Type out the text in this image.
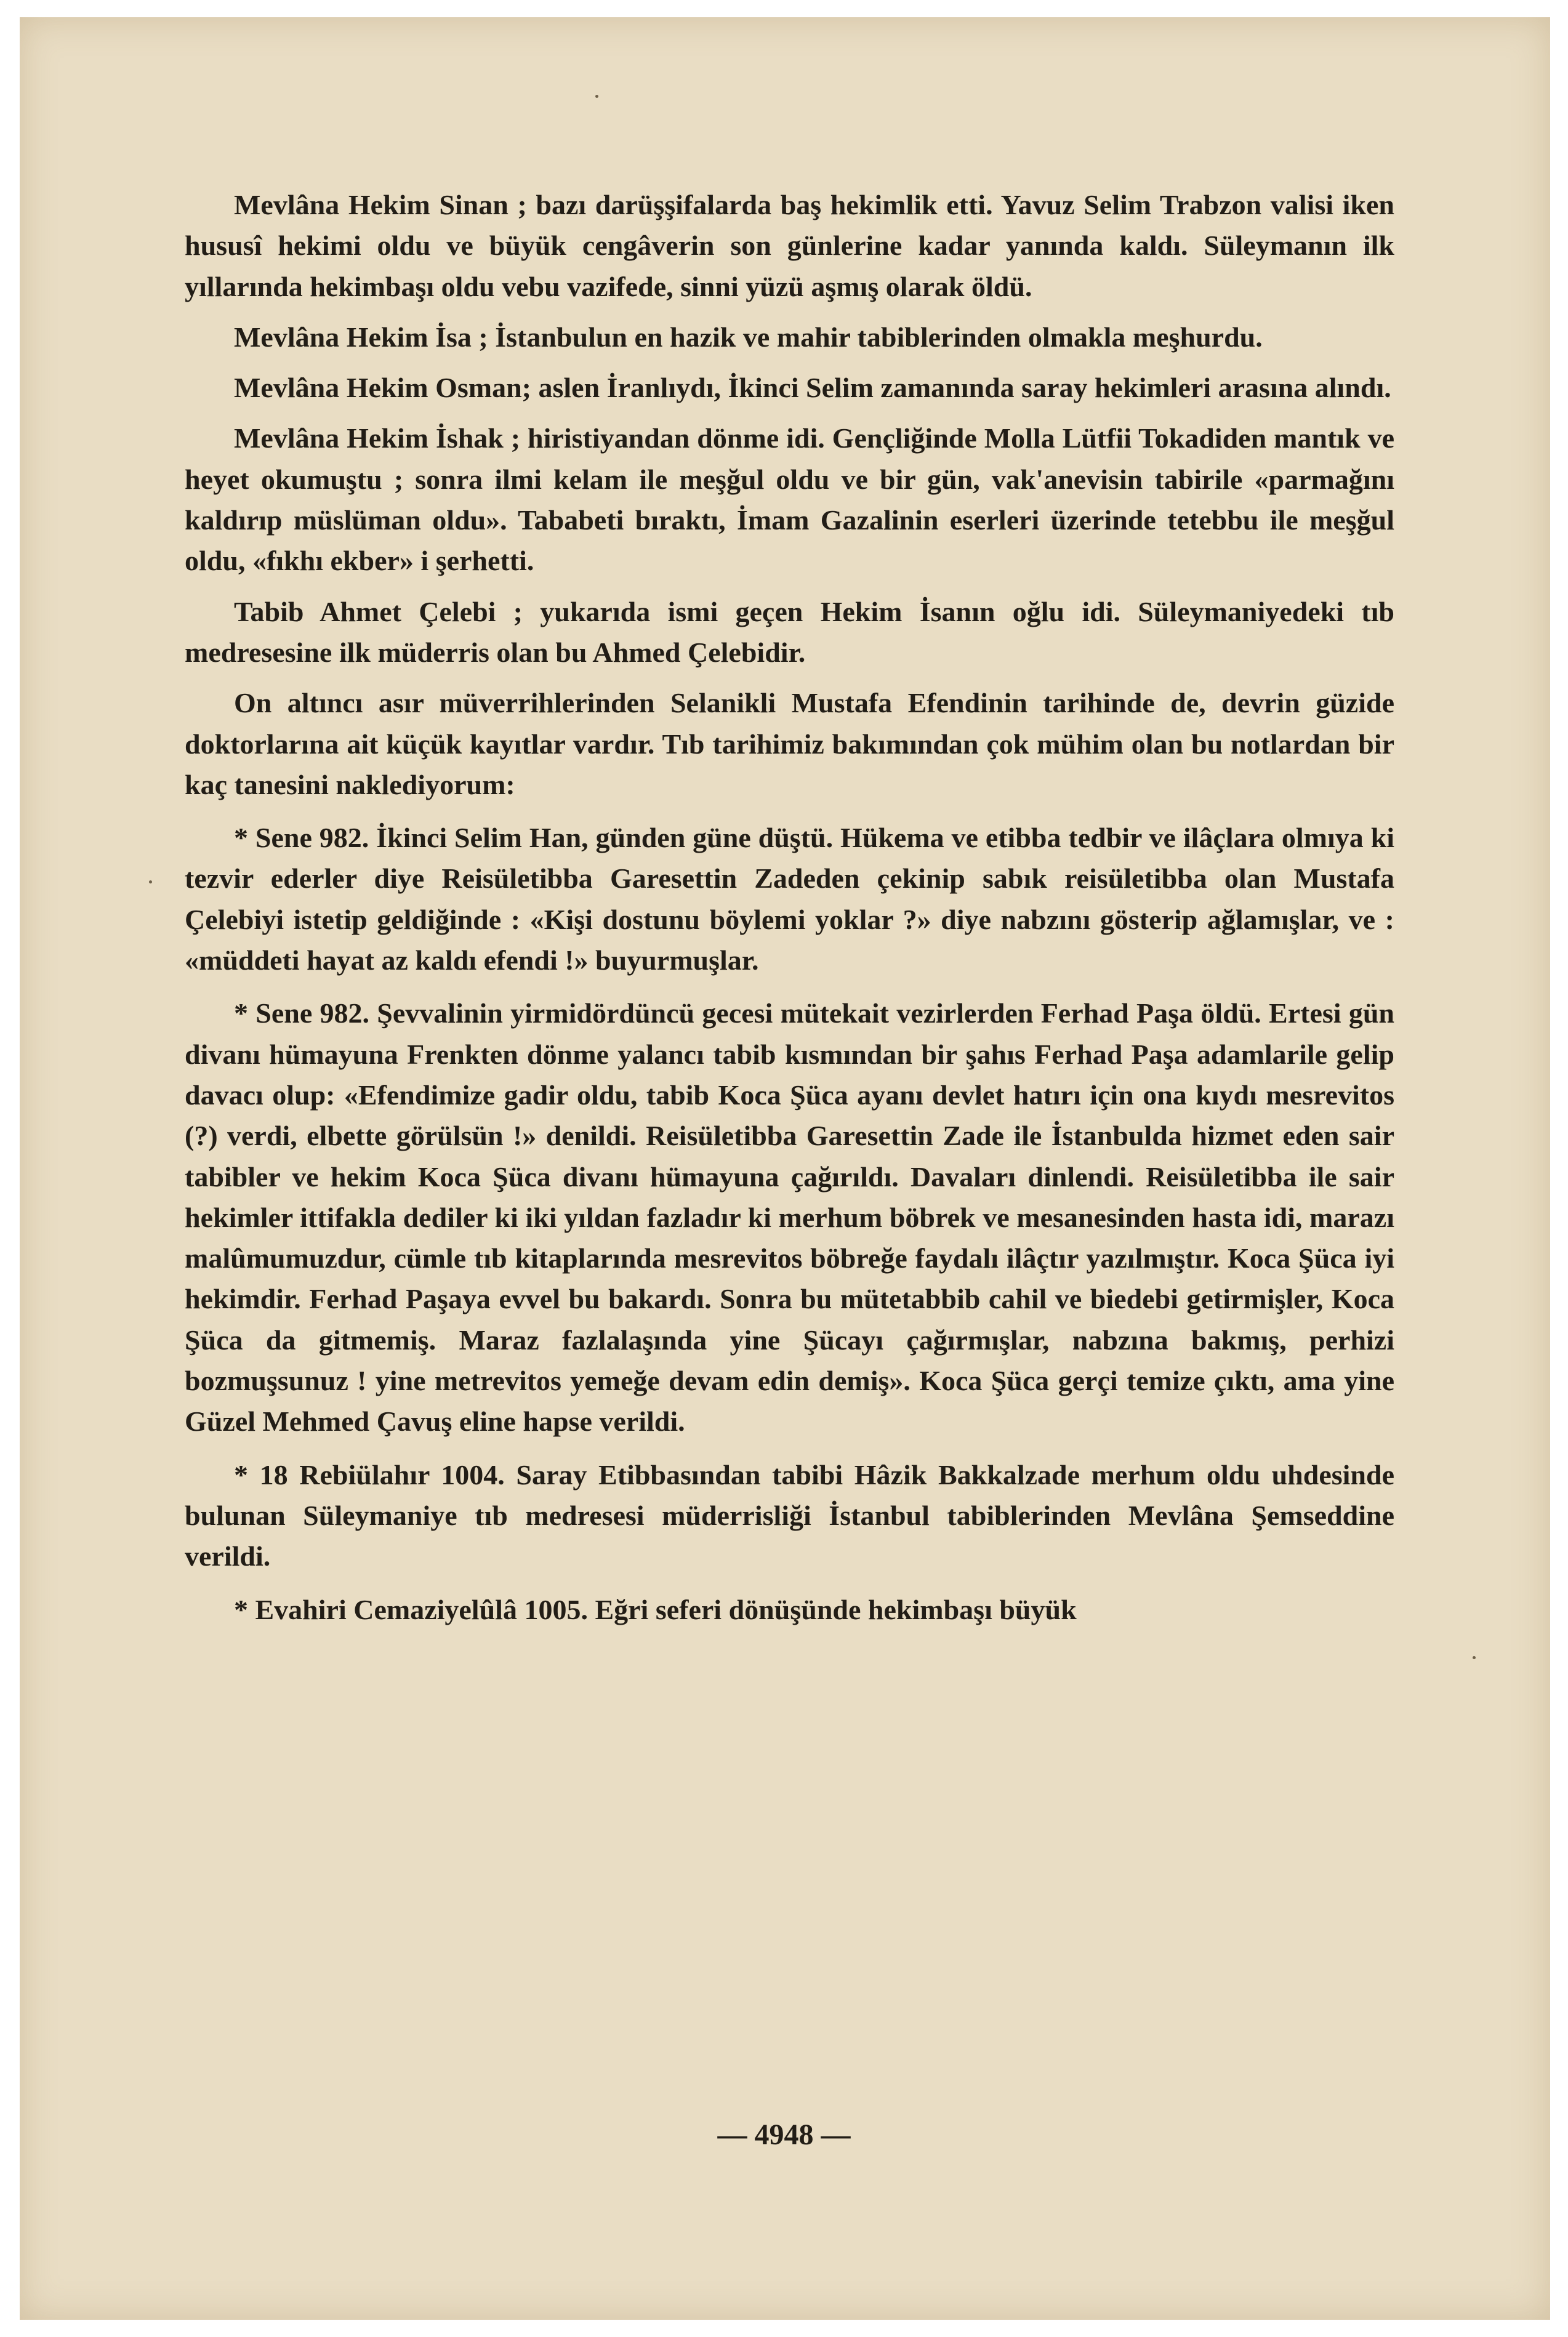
Mevlâna Hekim Sinan ; bazı darüşşifalarda baş hekimlik etti. Yavuz Selim Trabzon valisi iken hususî hekimi oldu ve büyük cengâverin son günlerine kadar yanında kaldı. Süleymanın ilk yıllarında hekimbaşı oldu vebu vazifede, sinni yüzü aşmış olarak öldü.

Mevlâna Hekim İsa ; İstanbulun en hazik ve mahir tabiblerinden olmakla meşhurdu.

Mevlâna Hekim Osman; aslen İranlıydı, İkinci Selim zamanında saray hekimleri arasına alındı.

Mevlâna Hekim İshak ; hiristiyandan dönme idi. Gençliğinde Molla Lütfii Tokadiden mantık ve heyet okumuştu ; sonra ilmi kelam ile meşğul oldu ve bir gün, vak'anevisin tabirile «parmağını kaldırıp müslüman oldu». Tababeti bıraktı, İmam Gazalinin eserleri üzerinde tetebbu ile meşğul oldu, «fıkhı ekber» i şerhetti.

Tabib Ahmet Çelebi ; yukarıda ismi geçen Hekim İsanın oğlu idi. Süleymaniyedeki tıb medresesine ilk müderris olan bu Ahmed Çelebidir.

On altıncı asır müverrihlerinden Selanikli Mustafa Efendinin tarihinde de, devrin güzide doktorlarına ait küçük kayıtlar vardır. Tıb tarihimiz bakımından çok mühim olan bu notlardan bir kaç tanesini naklediyorum:

* Sene 982. İkinci Selim Han, günden güne düştü. Hükema ve etibba tedbir ve ilâçlara olmıya ki tezvir ederler diye Reisületibba Garesettin Zadeden çekinip sabık reisületibba olan Mustafa Çelebiyi istetip geldiğinde : «Kişi dostunu böylemi yoklar ?» diye nabzını gösterip ağlamışlar, ve : «müddeti hayat az kaldı efendi !» buyurmuşlar.

* Sene 982. Şevvalinin yirmidördüncü gecesi mütekait vezirlerden Ferhad Paşa öldü. Ertesi gün divanı hümayuna Frenkten dönme yalancı tabib kısmından bir şahıs Ferhad Paşa adamlarile gelip davacı olup: «Efendimize gadir oldu, tabib Koca Şüca ayanı devlet hatırı için ona kıydı mesrevitos (?) verdi, elbette görülsün !» denildi. Reisületibba Garesettin Zade ile İstanbulda hizmet eden sair tabibler ve hekim Koca Şüca divanı hümayuna çağırıldı. Davaları dinlendi. Reisületibba ile sair hekimler ittifakla dediler ki iki yıldan fazladır ki merhum böbrek ve mesanesinden hasta idi, marazı malûmumuzdur, cümle tıb kitaplarında mesrevitos böbreğe faydalı ilâçtır yazılmıştır. Koca Şüca iyi hekimdir. Ferhad Paşaya evvel bu bakardı. Sonra bu mütetabbib cahil ve biedebi getirmişler, Koca Şüca da gitmemiş. Maraz fazlalaşında yine Şücayı çağırmışlar, nabzına bakmış, perhizi bozmuşsunuz ! yine metrevitos yemeğe devam edin demiş». Koca Şüca gerçi temize çıktı, ama yine Güzel Mehmed Çavuş eline hapse verildi.

* 18 Rebiülahır 1004. Saray Etibbasından tabibi Hâzik Bakkalzade merhum oldu uhdesinde bulunan Süleymaniye tıb medresesi müderrisliği İstanbul tabiblerinden Mevlâna Şemseddine verildi.

* Evahiri Cemaziyelûlâ 1005. Eğri seferi dönüşünde hekimbaşı büyük

— 4948 —
